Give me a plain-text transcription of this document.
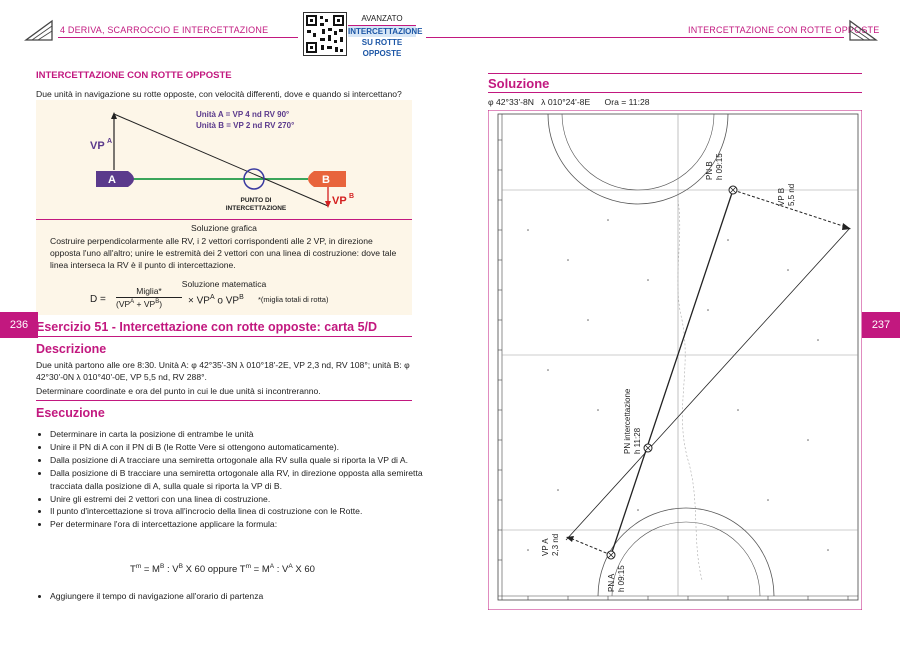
4 DERIVA, SCARROCCIO E INTERCETTAZIONE
AVANZATO
INTERCETTAZIONE
SU ROTTE
OPPOSTE
INTERCETTAZIONE CON ROTTE OPPOSTE
INTERCETTAZIONE CON ROTTE OPPOSTE
Due unità in navigazione su rotte opposte, con velocità differenti, dove e quando si intercettano?
Unità A = VP 4 nd RV 90°
Unità B = VP 2 nd RV 270°
A	B
PUNTO DI
INTERCETTAZIONE
VP A
VP B
Soluzione grafica
Costruire perpendicolarmente alle RV, i 2 vettori corrispondenti alle 2 VP, in direzione opposta l'uno all'altro; unire le estremità dei 2 vettori con una linea di costruzione: dove tale linea interseca la RV è il punto di intercettazione.
Soluzione matematica
D =
Miglia*
$(VP^A + VP^B)$	× $VP^A$ o $VP^B$ *(miglia totali di rotta)
236 Esercizio 51 - Intercettazione con rotte opposte: carta 5/D
Descrizione
Due unità partono alle ore 8:30. Unità A: φ 42°35'-3N λ 010°18'-2E, VP 2,3 nd, RV 108°; unità B: φ 42°30'-0N λ 010°40'-0E, VP 5,5 nd, RV 288°.
Determinare coordinate e ora del punto in cui le due unità si incontreranno.
Esecuzione
• Determinare in carta la posizione di entrambe le unità
• Unire il PN di A con il PN di B (le Rotte Vere si ottengono automaticamente).
• Dalla posizione di A tracciare una semiretta ortogonale alla RV sulla quale si riporta la VP di A.
• Dalla posizione di B tracciare una semiretta ortogonale alla RV, in direzione opposta alla semiretta tracciata dalla posizione di A, sulla quale si riporta la VP di B.
• Unire gli estremi dei 2 vettori con una linea di costruzione.
• Il punto d'intercettazione si trova all'incrocio della linea di costruzione con le Rotte.
• Per determinare l'ora di intercettazione applicare la formula:
$T^m = M^B$ : $V^B$ X 60 oppure $T^m = M^A$ : $V^A$ X 60
• Aggiungere il tempo di navigazione all'orario di partenza
Soluzione
φ 42°33'-8N   λ 010°24'-8E      Ora = 11:28
237
PN B h 09:15
VP B 5,5 nd
PN intercettazione h 11:28
VP A 2,3 nd
PN A h 09:15
